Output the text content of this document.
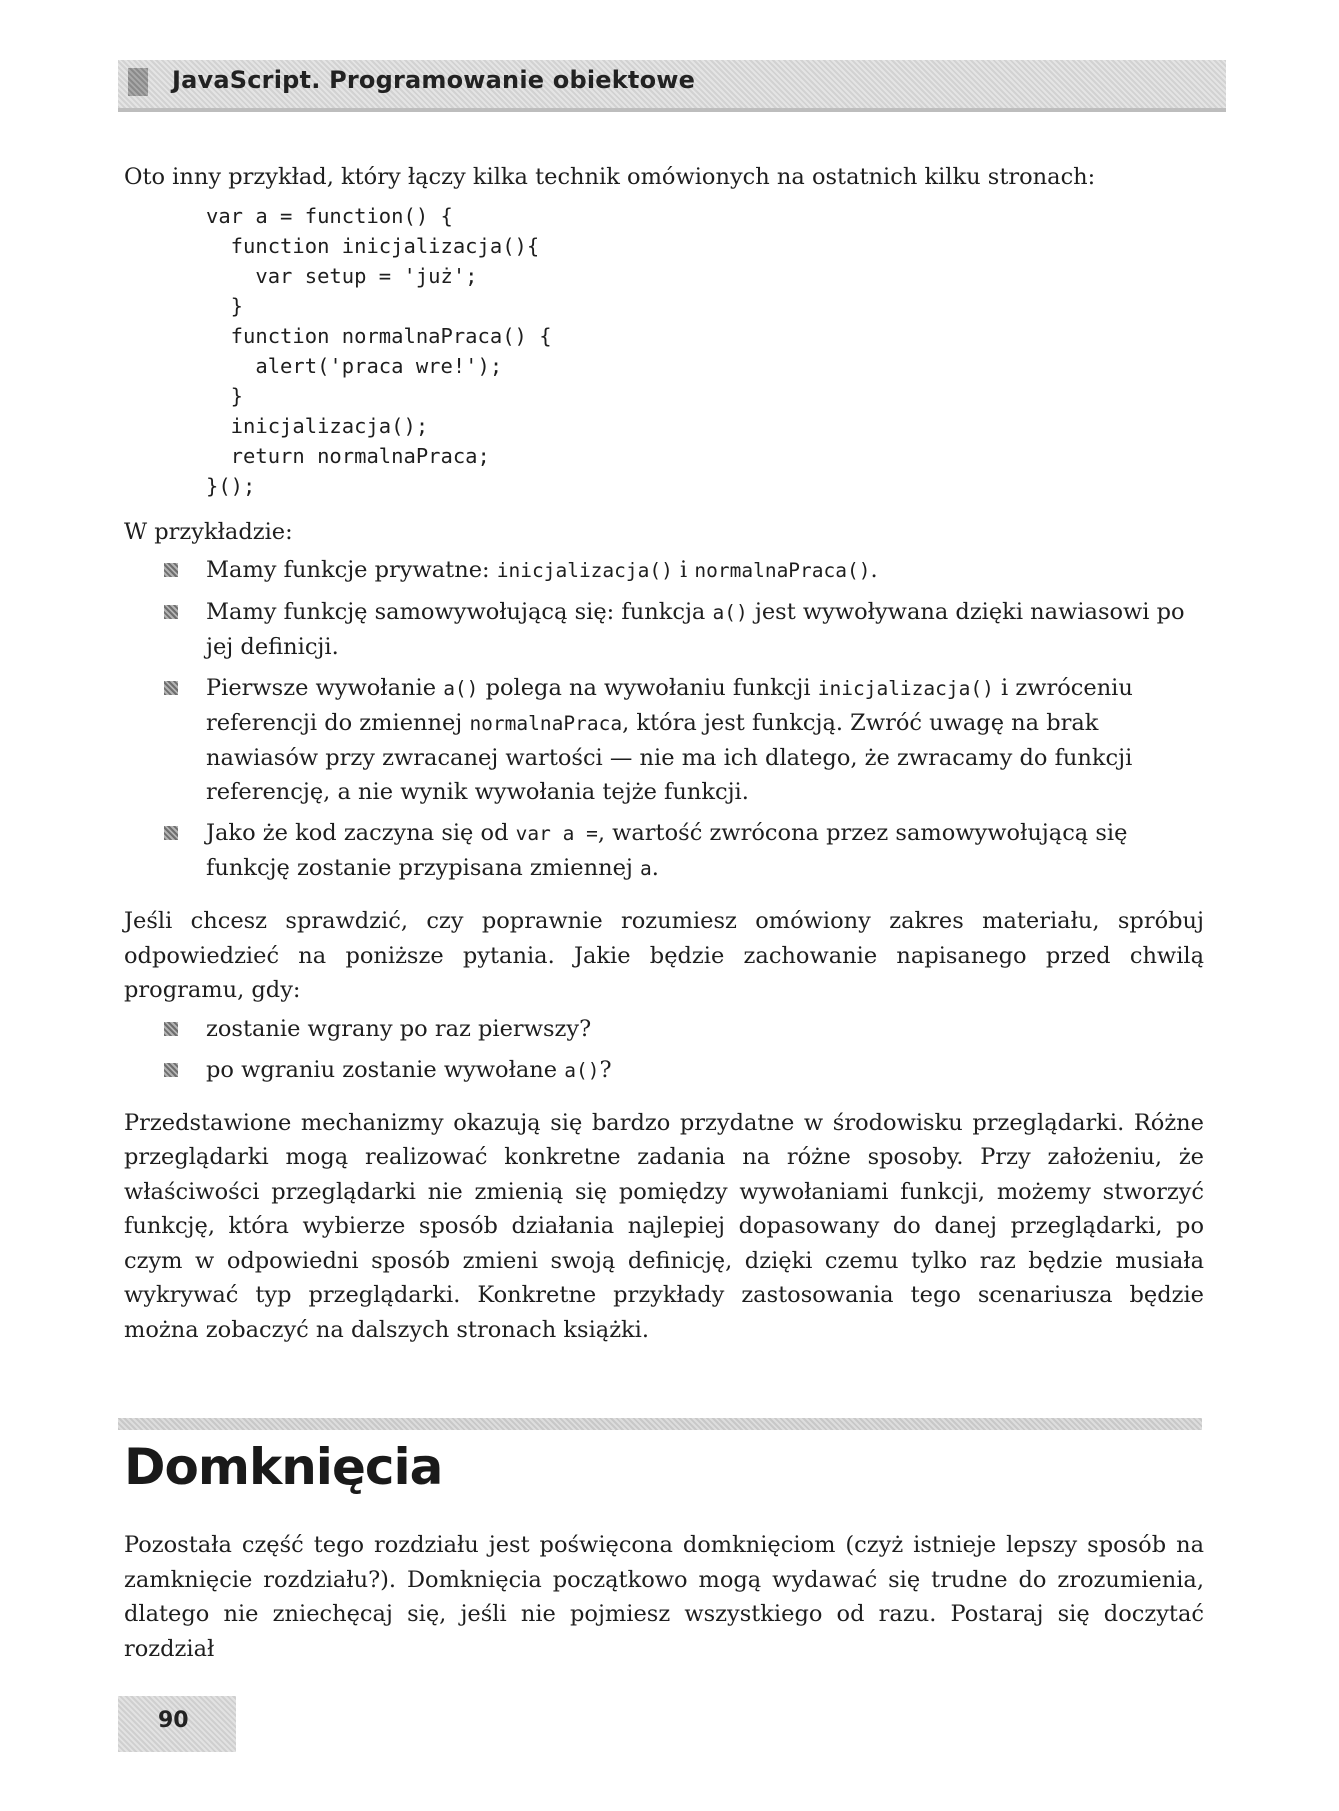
JavaScript. Programowanie obiektowe

Oto inny przykład, który łączy kilka technik omówionych na ostatnich kilku stronach:

var a = function() {
function inicjalizacja(){
var setup = 'już';
}
function normalnaPraca() {
alert('praca wre!');
}
inicjalizacja();
return normalnaPraca;
}();

W przykładzie:

Mamy funkcje prywatne: inicjalizacja() i normalnaPraca().
Mamy funkcję samowywołującą się: funkcja a() jest wywoływana dzięki nawiasowi po jej definicji.
Pierwsze wywołanie a() polega na wywołaniu funkcji inicjalizacja() i zwróceniu referencji do zmiennej normalnaPraca, która jest funkcją. Zwróć uwagę na brak nawiasów przy zwracanej wartości — nie ma ich dlatego, że zwracamy do funkcji referencję, a nie wynik wywołania tejże funkcji.
Jako że kod zaczyna się od var a =, wartość zwrócona przez samowywołującą się funkcję zostanie przypisana zmiennej a.

Jeśli chcesz sprawdzić, czy poprawnie rozumiesz omówiony zakres materiału, spróbuj odpowiedzieć na poniższe pytania. Jakie będzie zachowanie napisanego przed chwilą programu, gdy:

zostanie wgrany po raz pierwszy?
po wgraniu zostanie wywołane a()?

Przedstawione mechanizmy okazują się bardzo przydatne w środowisku przeglądarki. Różne przeglądarki mogą realizować konkretne zadania na różne sposoby. Przy założeniu, że właściwości przeglądarki nie zmienią się pomiędzy wywołaniami funkcji, możemy stworzyć funkcję, która wybierze sposób działania najlepiej dopasowany do danej przeglądarki, po czym w odpowiedni sposób zmieni swoją definicję, dzięki czemu tylko raz będzie musiała wykrywać typ przeglądarki. Konkretne przykłady zastosowania tego scenariusza będzie można zobaczyć na dalszych stronach książki.

Domknięcia

Pozostała część tego rozdziału jest poświęcona domknięciom (czyż istnieje lepszy sposób na zamknięcie rozdziału?). Domknięcia początkowo mogą wydawać się trudne do zrozumienia, dlatego nie zniechęcaj się, jeśli nie pojmiesz wszystkiego od razu. Postaraj się doczytać rozdział

90
